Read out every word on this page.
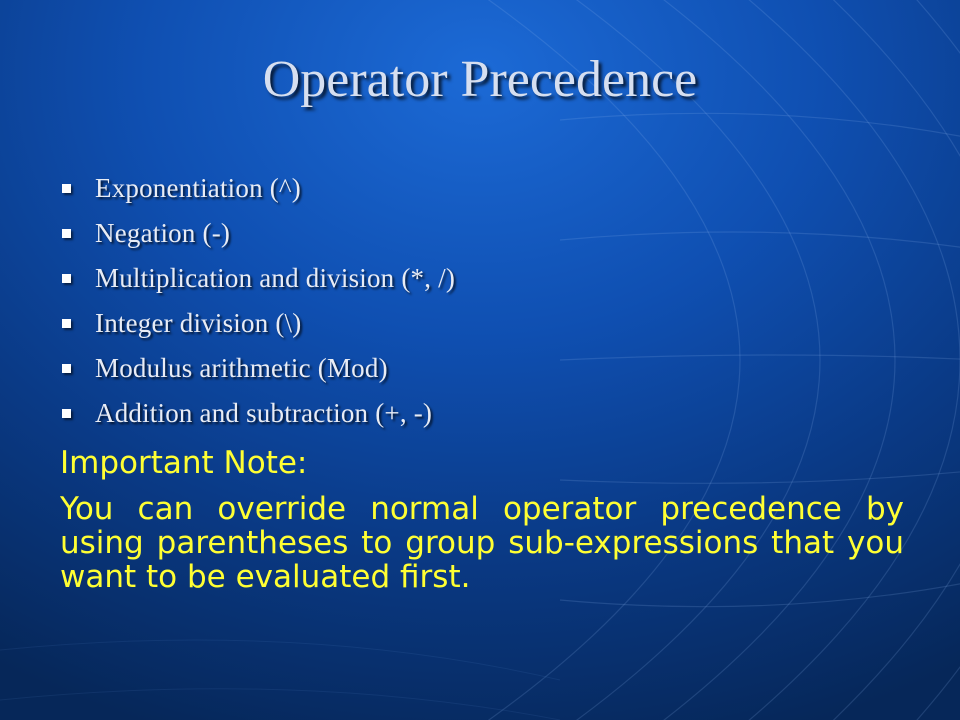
Operator Precedence
Exponentiation (^)
Negation (-)
Multiplication and division (*, /)
Integer division (\)
Modulus arithmetic (Mod)
Addition and subtraction (+, -)

Important Note:

You can override normal operator precedence by using parentheses to group sub-expressions that you want to be evaluated first.
